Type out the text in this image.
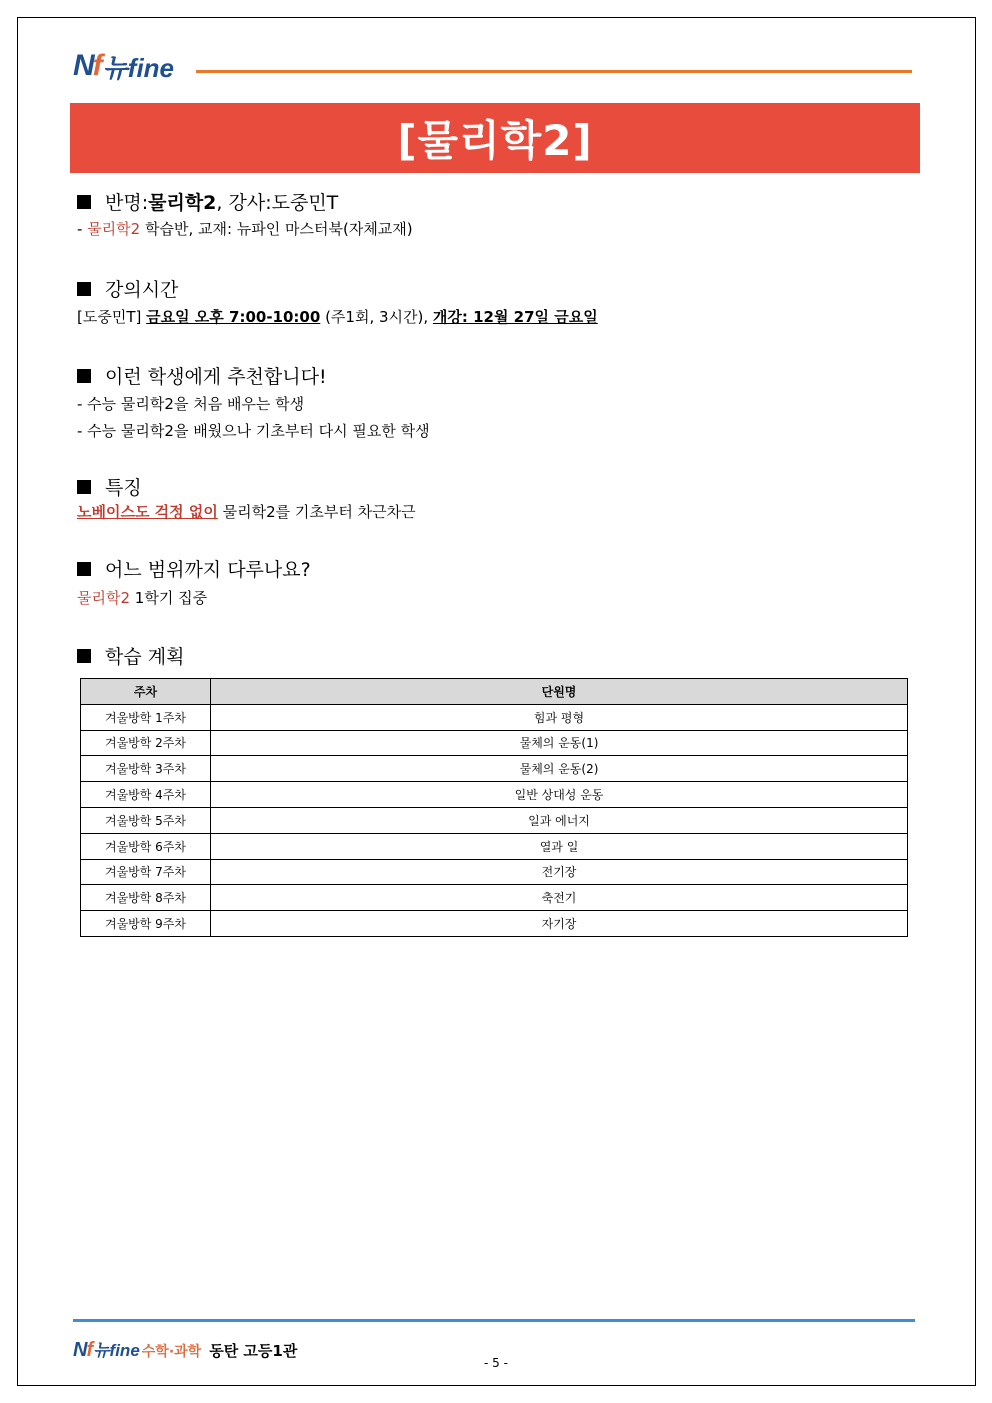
Nf 뉴fine
[물리학2]
반명: 물리학2 , 강사: 도중민T
- 물리학2 학습반, 교재: 뉴파인 마스터북(자체교재)
강의시간
[도중민T] 금요일 오후 7:00-10:00 (주1회, 3시간), 개강: 12월 27일 금요일
이런 학생에게 추천합니다!
- 수능 물리학2을 처음 배우는 학생
- 수능 물리학2을 배웠으나 기초부터 다시 필요한 학생
특징
노베이스도 걱정 없이 물리학2를 기초부터 차근차근
어느 범위까지 다루나요?
물리학2 1학기 집중
학습 계획
주차	단원명
겨울방학 1주차	힘과 평형
겨울방학 2주차	물체의 운동(1)
겨울방학 3주차	물체의 운동(2)
겨울방학 4주차	일반 상대성 운동
겨울방학 5주차	일과 에너지
겨울방학 6주차	열과 일
겨울방학 7주차	전기장
겨울방학 8주차	축전기
겨울방학 9주차	자기장
Nf 뉴fine 수학·과학 동탄 고등1관
- 5 -
